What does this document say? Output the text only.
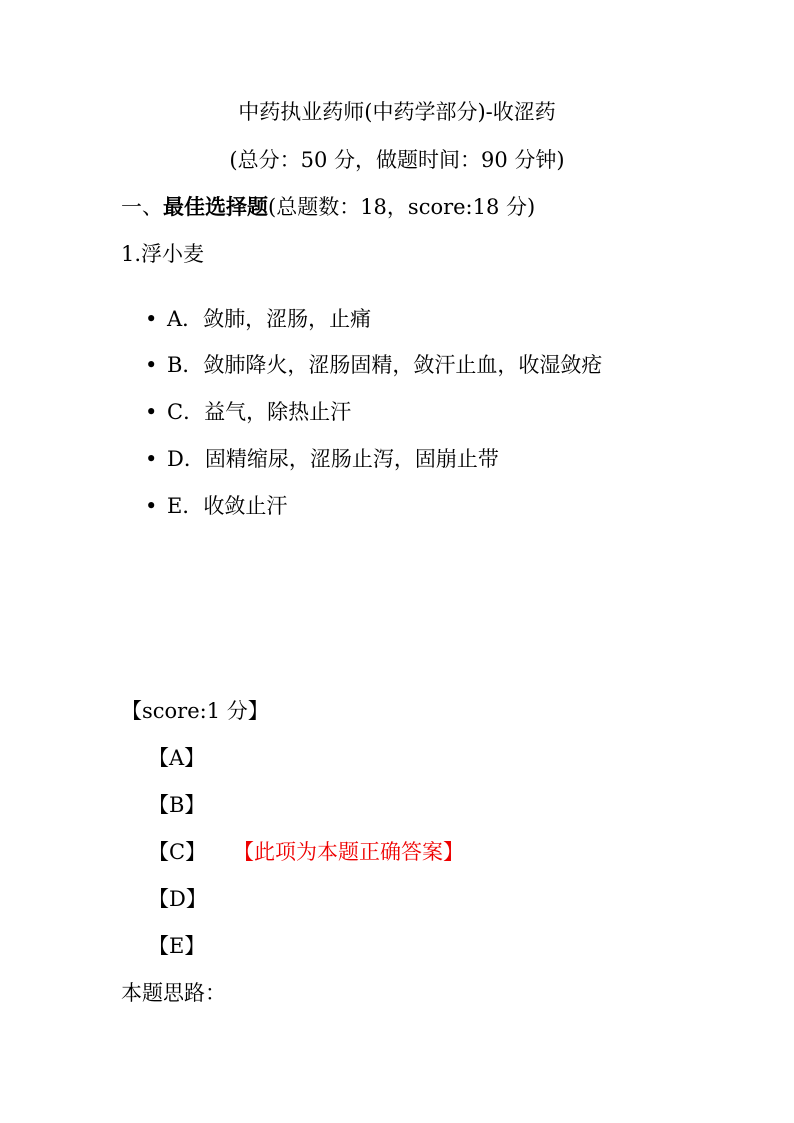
中药执业药师(中药学部分)-收涩药
(总分：50 分，做题时间：90 分钟)
一、最佳选择题(总题数：18，score:18 分)
1.浮小麦
• A．敛肺，涩肠，止痛
• B．敛肺降火，涩肠固精，敛汗止血，收湿敛疮
• C．益气，除热止汗
• D．固精缩尿，涩肠止泻，固崩止带
• E．收敛止汗
【score:1 分】
【A】
【B】
【C】 【此项为本题正确答案】
【D】
【E】
本题思路：
